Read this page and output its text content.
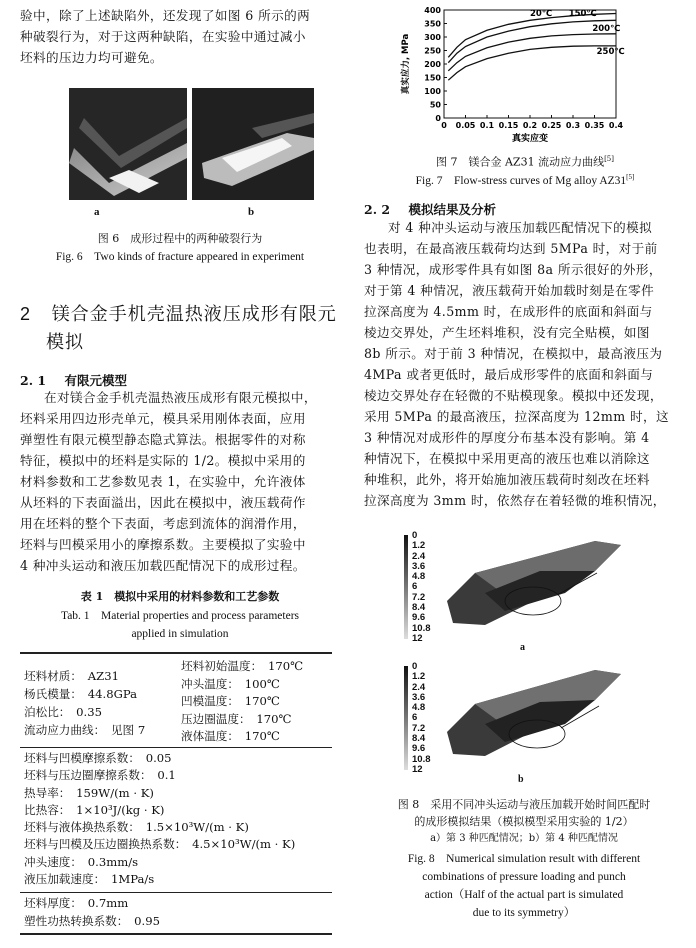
验中，除了上述缺陷外，还发现了如图 6 所示的两
种破裂行为，对于这两种缺陷，在实验中通过减小
坯料的压边力均可避免。
a	b
图 6　成形过程中的两种破裂行为
Fig. 6　Two kinds of fracture appeared in experiment
2 镁合金手机壳温热液压成形有限元
模拟
2. 1 有限元模型
在对镁合金手机壳温热液压成形有限元模拟中，
坯料采用四边形壳单元，模具采用刚体表面，应用
弹塑性有限元模型静态隐式算法。根据零件的对称
特征，模拟中的坯料是实际的 1/2。模拟中采用的
材料参数和工艺参数见表 1，在实验中，允许液体
从坯料的下表面溢出，因此在模拟中，液压载荷作
用在坯料的整个下表面，考虑到流体的润滑作用，
坯料与凹模采用小的摩擦系数。主要模拟了实验中
4 种冲头运动和液压加载匹配情况下的成形过程。
表 1　模拟中采用的材料参数和工艺参数
Tab. 1　Material properties and process parameters
applied in simulation
坯料材质：　AZ31
杨氏模量：　44.8GPa
泊松比：　0.35
流动应力曲线：　见图 7
坯料初始温度：　170℃
冲头温度：　100℃
凹模温度：　170℃
压边圈温度：　170℃
液体温度：　170℃
坯料与凹模摩擦系数：　0.05
坯料与压边圈摩擦系数：　0.1
热导率：　159W/(m · K)
比热容：　1×10³J/(kg · K)
坯料与液体换热系数：　1.5×10³W/(m · K)
坯料与凹模及压边圈换热系数：　4.5×10³W/(m · K)
冲头速度：　0.3mm/s
液压加载速度：　1MPa/s
坯料厚度：　0.7mm
塑性功热转换系数：　0.95
0 0.05 0.1 0.15 0.2 0.25 0.3 0.35 0.4
0
50
100
150
200
250
300
350
400
真实应变
真实应力, MPa
20℃ 150℃
200℃
250℃
图 7　镁合金 AZ31 流动应力曲线[5]
Fig. 7　Flow-stress curves of Mg alloy AZ31[5]
2. 2 模拟结果及分析
对 4 种冲头运动与液压加载匹配情况下的模拟
也表明，在最高液压载荷均达到 5MPa 时，对于前
3 种情况，成形零件具有如图 8a 所示很好的外形，
对于第 4 种情况，液压载荷开始加载时刻是在零件
拉深高度为 4.5mm 时，在成形件的底面和斜面与
棱边交界处，产生坯料堆积，没有完全贴模，如图
8b 所示。对于前 3 种情况，在模拟中，最高液压为
4MPa 或者更低时，最后成形零件的底面和斜面与
棱边交界处存在轻微的不贴模现象。模拟中还发现，
采用 5MPa 的最高液压，拉深高度为 12mm 时，这
3 种情况对成形件的厚度分布基本没有影响。第 4
种情况下，在模拟中采用更高的液压也难以消除这
种堆积，此外，将开始施加液压载荷时刻改在坯料
拉深高度为 3mm 时，依然存在着轻微的堆积情况，
0
1.2
2.4
3.6
4.8
6
7.2
8.4
9.6
10.8
12
a
0
1.2
2.4
3.6
4.8
6
7.2
8.4
9.6
10.8
12
b
图 8　采用不同冲头运动与液压加载开始时间匹配时
的成形模拟结果（模拟模型采用实验的 1/2）
a）第 3 种匹配情况；b）第 4 种匹配情况
Fig. 8　Numerical simulation result with different
combinations of pressure loading and punch
action（Half of the actual part is simulated
due to its symmetry）
